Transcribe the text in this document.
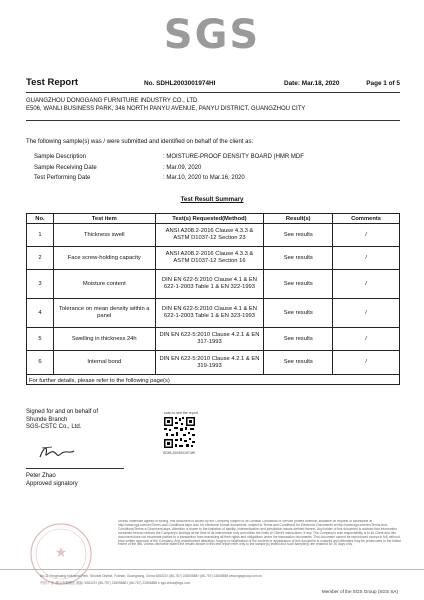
SGS
Test Report	No. SDHL2003001974HI	Date: Mar.18, 2020	Page 1 of 5
GUANGZHOU DONGGANG FURNITURE INDUSTRY CO., LTD
E506, WANLI BUSINESS PARK, 346 NORTH PANYU AVENUE, PANYU DISTRICT, GUANGZHOU CITY
The following sample(s) was / were submitted and identified on behalf of the client as:
Sample Description	: MOISTURE-PROOF DENSITY BOARD (HMR MDF
Sample Receiving Date	: Mar.09, 2020
Test Performing Date	: Mar.10, 2020 to Mar.16, 2020
Test Result Summary
No.	Test item	Test(s) Requested(Method)	Result(s)	Comments
1	Thickness swell	ANSI A208.2-2016 Clause 4.3.3 & ASTM D1037-12 Section 23	See results	/
2	Face screw-holding capacity	ANSI A208.2-2016 Clause 4.3.3 & ASTM D1037-12 Section 16	See results	/
3	Moisture content	DIN EN 622-5:2010 Clause 4.1 & EN 622-1-2003 Table 1 & EN 322-1993	See results	/
4	Tolerance on mean density within a panel	DIN EN 622-5:2010 Clause 4.1 & EN 622-1-2003 Table 1 & EN 323-1993	See results	/
5	Swelling in thickness 24h	DIN EN 622-5:2010 Clause 4.2.1 & EN 317-1993	See results	/
6	Internal bond	DIN EN 622-5:2010 Clause 4.2.1 & EN 319-1993	See results	/
For further details, please refer to the following page(s)
Signed for and on behalf of
Shunde Branch
SGS-CSTC Co., Ltd.
Peter Zhao
Approved signatory
scan to see the report
SDHL2003001974HI
★
Unless otherwise agreed in writing, this document is issued by the Company subject to its General Conditions of Service printed overleaf, available on request or accessible at http://www.sgs.com/en/Terms-and-Conditions.aspx and, for electronic format documents, subject to Terms and Conditions for Electronic Documents at http://www.sgs.com/en/Terms-and-Conditions/Terms-e-Document.aspx. Attention is drawn to the limitation of liability, indemnification and jurisdiction issues defined therein. Any holder of this document is advised that information contained hereon reflects the Company's findings at the time of its intervention only and within the limits of Client's instructions, if any. The Company's sole responsibility is to its Client and this document does not exonerate parties to a transaction from exercising all their rights and obligations under the transaction documents. This document cannot be reproduced except in full, without prior written approval of the Company. Any unauthorized alteration, forgery or falsification of the content or appearance of this document is unlawful and offenders may be prosecuted to the fullest extent of the law. Unless otherwise stated the results shown in this test report refer only to the sample(s) tested and such sample(s) are retained for 30 days only.
No.11 Fenghuang Industrial Park, Shunde District, Foshan, Guangdong, China 528323 t (86-757) 22805888 f (86-757) 22805858 www.sgsgroup.com.cn
中国·广东·佛山市顺德区 邮编: 528323 t (86-757) 22805888 f (86-757) 22805858 e sgs.china@sgs.com
Member of the SGS Group (SGS SA)
